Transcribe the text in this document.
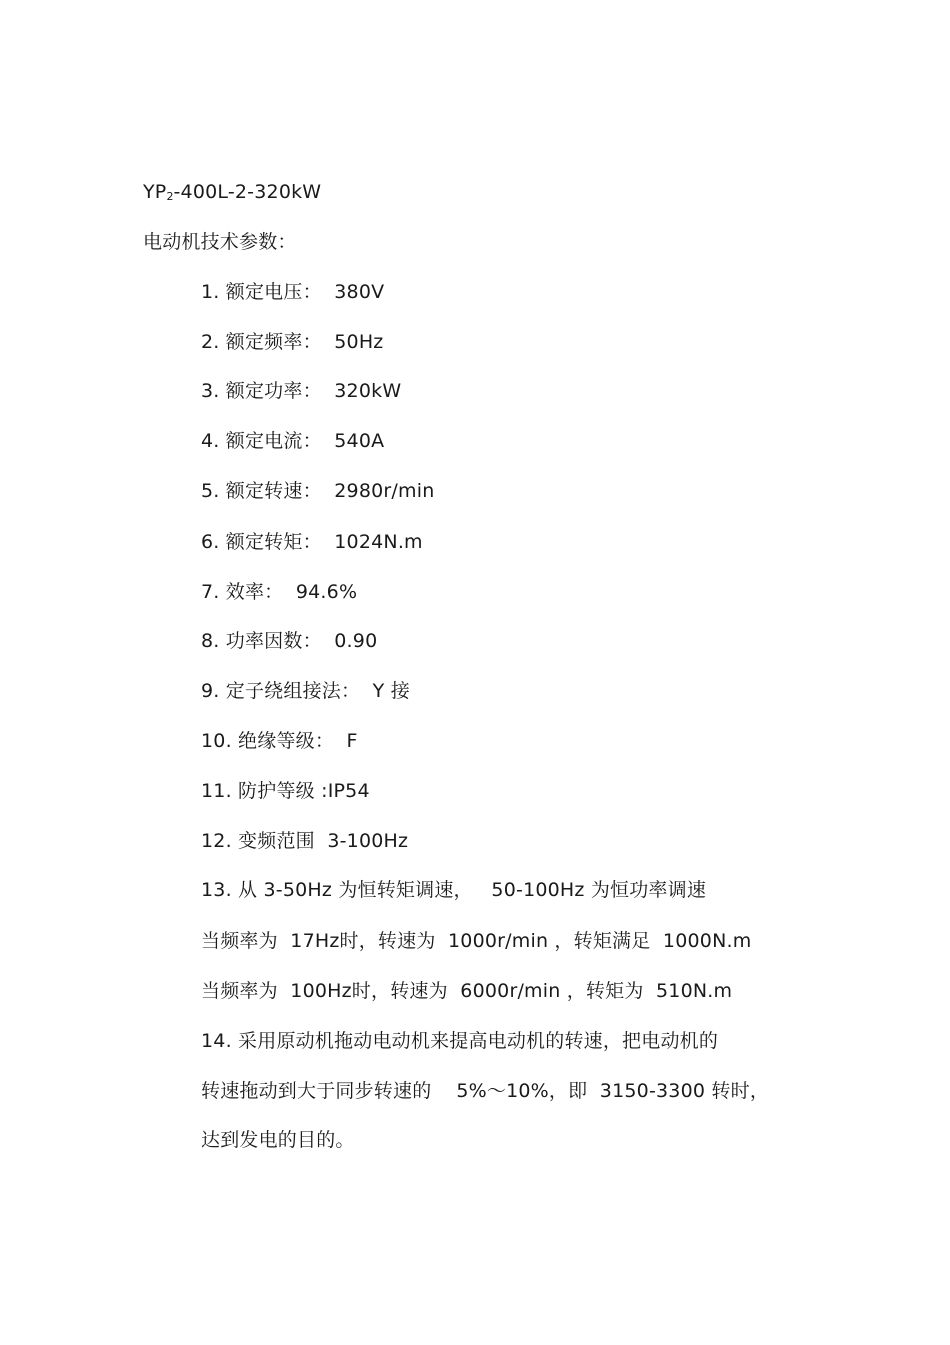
$YP_2-400L-2-320kW$
电动机技术参数：
1. 额定电压：  380V
2. 额定频率：  50Hz
3. 额定功率：  320kW
4. 额定电流：  540A
5. 额定转速：  2980r/min
6. 额定转矩：  1024N.m
7. 效率：  94.6%
8. 功率因数：  0.90
9. 定子绕组接法：  Y 接
10. 绝缘等级：  F
11. 防护等级 :IP54
12. 变频范围  3-100Hz
13. 从 3-50Hz 为恒转矩调速，   50-100Hz 为恒功率调速
当频率为  17Hz时，转速为  1000r/min ，转矩满足  1000N.m
当频率为  100Hz时，转速为  6000r/min ，转矩为  510N.m
14. 采用原动机拖动电动机来提高电动机的转速，把电动机的
转速拖动到大于同步转速的    5%～10%，即  3150-3300 转时，
达到发电的目的。
